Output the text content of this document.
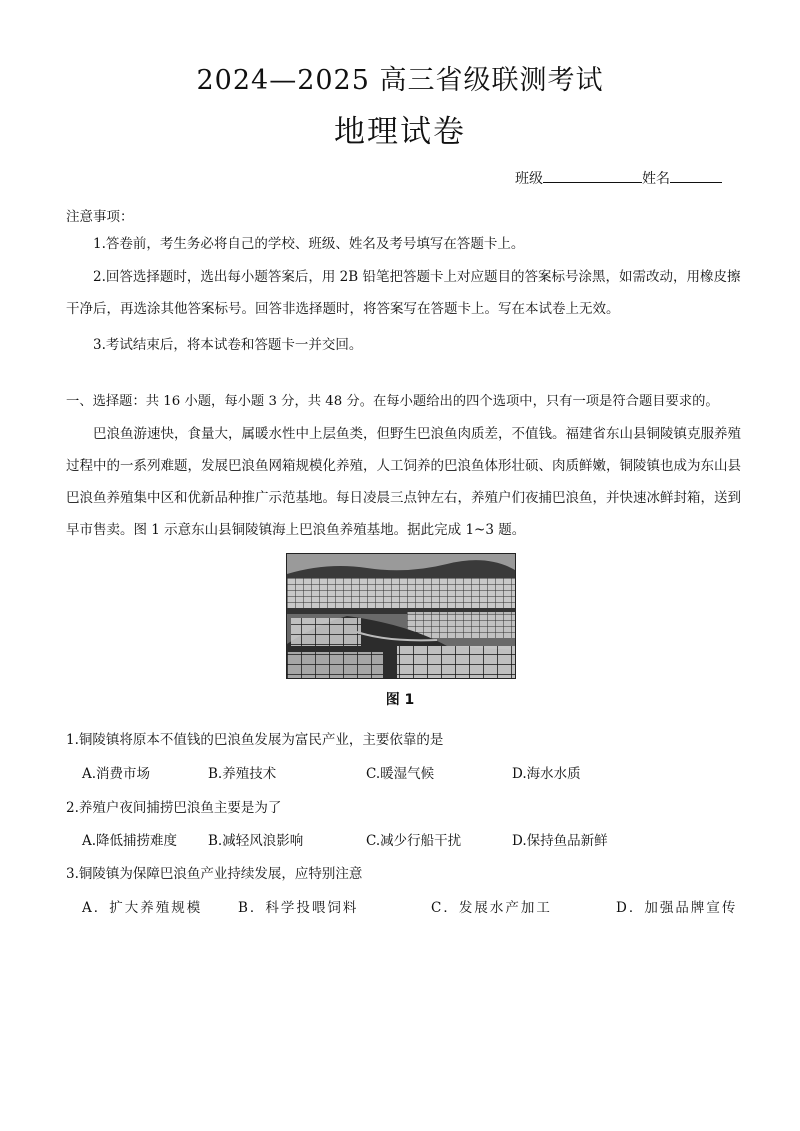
2024—2025 高三省级联测考试
地理试卷
班级	姓名
注意事项：
1.答卷前，考生务必将自己的学校、班级、姓名及考号填写在答题卡上。
2.回答选择题时，选出每小题答案后，用 2B 铅笔把答题卡上对应题目的答案标号涂黑，如需改动，用橡皮擦干净后，再选涂其他答案标号。回答非选择题时，将答案写在答题卡上。写在本试卷上无效。
3.考试结束后，将本试卷和答题卡一并交回。
一、选择题：共 16 小题，每小题 3 分，共 48 分。在每小题给出的四个选项中，只有一项是符合题目要求的。
巴浪鱼游速快，食量大，属暖水性中上层鱼类，但野生巴浪鱼肉质差，不值钱。福建省东山县铜陵镇克服养殖过程中的一系列难题，发展巴浪鱼网箱规模化养殖，人工饲养的巴浪鱼体形壮硕、肉质鲜嫩，铜陵镇也成为东山县巴浪鱼养殖集中区和优新品种推广示范基地。每日凌晨三点钟左右，养殖户们夜捕巴浪鱼，并快速冰鲜封箱，送到早市售卖。图 1 示意东山县铜陵镇海上巴浪鱼养殖基地。据此完成 1~3 题。
图 1
1.铜陵镇将原本不值钱的巴浪鱼发展为富民产业，主要依靠的是
A.消费市场	B.养殖技术	C.暖湿气候	D.海水水质
2.养殖户夜间捕捞巴浪鱼主要是为了
A.降低捕捞难度 B.减轻风浪影响	C.减少行船干扰	D.保持鱼品新鲜
3.铜陵镇为保障巴浪鱼产业持续发展，应特别注意
A．扩大养殖规模	B．科学投喂饲料	C．发展水产加工	D．加强品牌宣传
